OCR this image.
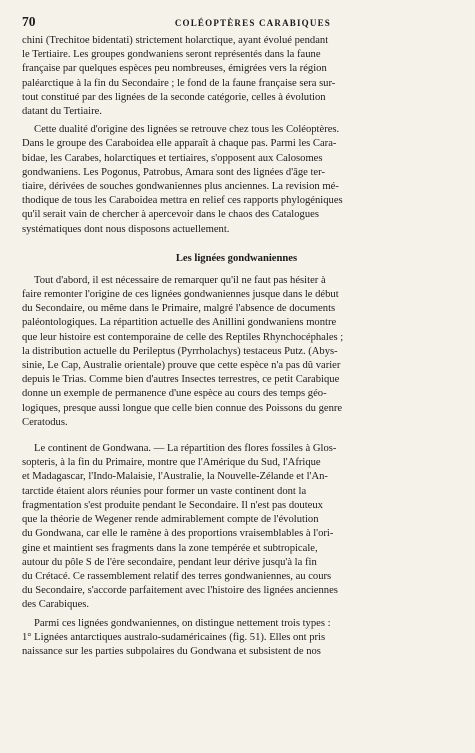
70	COLÉOPTÈRES CARABIQUES
chini (Trechitoe bidentati) strictement holarctique, ayant évolué pendant
le Tertiaire. Les groupes gondwaniens seront représentés dans la faune
française par quelques espèces peu nombreuses, émigrées vers la région
paléarctique à la fin du Secondaire ; le fond de la faune française sera sur-
tout constitué par des lignées de la seconde catégorie, celles à évolution
datant du Tertiaire.
Cette dualité d'origine des lignées se retrouve chez tous les Coléoptères.
Dans le groupe des Caraboidea elle apparaît à chaque pas. Parmi les Cara-
bidae, les Carabes, holarctiques et tertiaires, s'opposent aux Calosomes
gondwaniens. Les Pogonus, Patrobus, Amara sont des lignées d'âge ter-
tiaire, dérivées de souches gondwaniennes plus anciennes. La revision mé-
thodique de tous les Caraboidea mettra en relief ces rapports phylogéniques
qu'il serait vain de chercher à apercevoir dans le chaos des Catalogues
systématiques dont nous disposons actuellement.
Les lignées gondwaniennes
Tout d'abord, il est nécessaire de remarquer qu'il ne faut pas hésiter à
faire remonter l'origine de ces lignées gondwaniennes jusque dans le début
du Secondaire, ou même dans le Primaire, malgré l'absence de documents
paléontologiques. La répartition actuelle des Anillini gondwaniens montre
que leur histoire est contemporaine de celle des Reptiles Rhynchocéphales ;
la distribution actuelle du Perileptus (Pyrrholachys) testaceus Putz. (Abys-
sinie, Le Cap, Australie orientale) prouve que cette espèce n'a pas dû varier
depuis le Trias. Comme bien d'autres Insectes terrestres, ce petit Carabique
donne un exemple de permanence d'une espèce au cours des temps géo-
logiques, presque aussi longue que celle bien connue des Poissons du genre
Ceratodus.
Le continent de Gondwana. — La répartition des flores fossiles à Glos-
sopteris, à la fin du Primaire, montre que l'Amérique du Sud, l'Afrique
et Madagascar, l'Indo-Malaisie, l'Australie, la Nouvelle-Zélande et l'An-
tarctide étaient alors réunies pour former un vaste continent dont la
fragmentation s'est produite pendant le Secondaire. Il n'est pas douteux
que la théorie de Wegener rende admirablement compte de l'évolution
du Gondwana, car elle le ramène à des proportions vraisemblables à l'ori-
gine et maintient ses fragments dans la zone tempérée et subtropicale,
autour du pôle S de l'ère secondaire, pendant leur dérive jusqu'à la fin
du Crétacé. Ce rassemblement relatif des terres gondwaniennes, au cours
du Secondaire, s'accorde parfaitement avec l'histoire des lignées anciennes
des Carabiques.
Parmi ces lignées gondwaniennes, on distingue nettement trois types :
1° Lignées antarctiques australo-sudaméricaines (fig. 51). Elles ont pris
naissance sur les parties subpolaires du Gondwana et subsistent de nos
